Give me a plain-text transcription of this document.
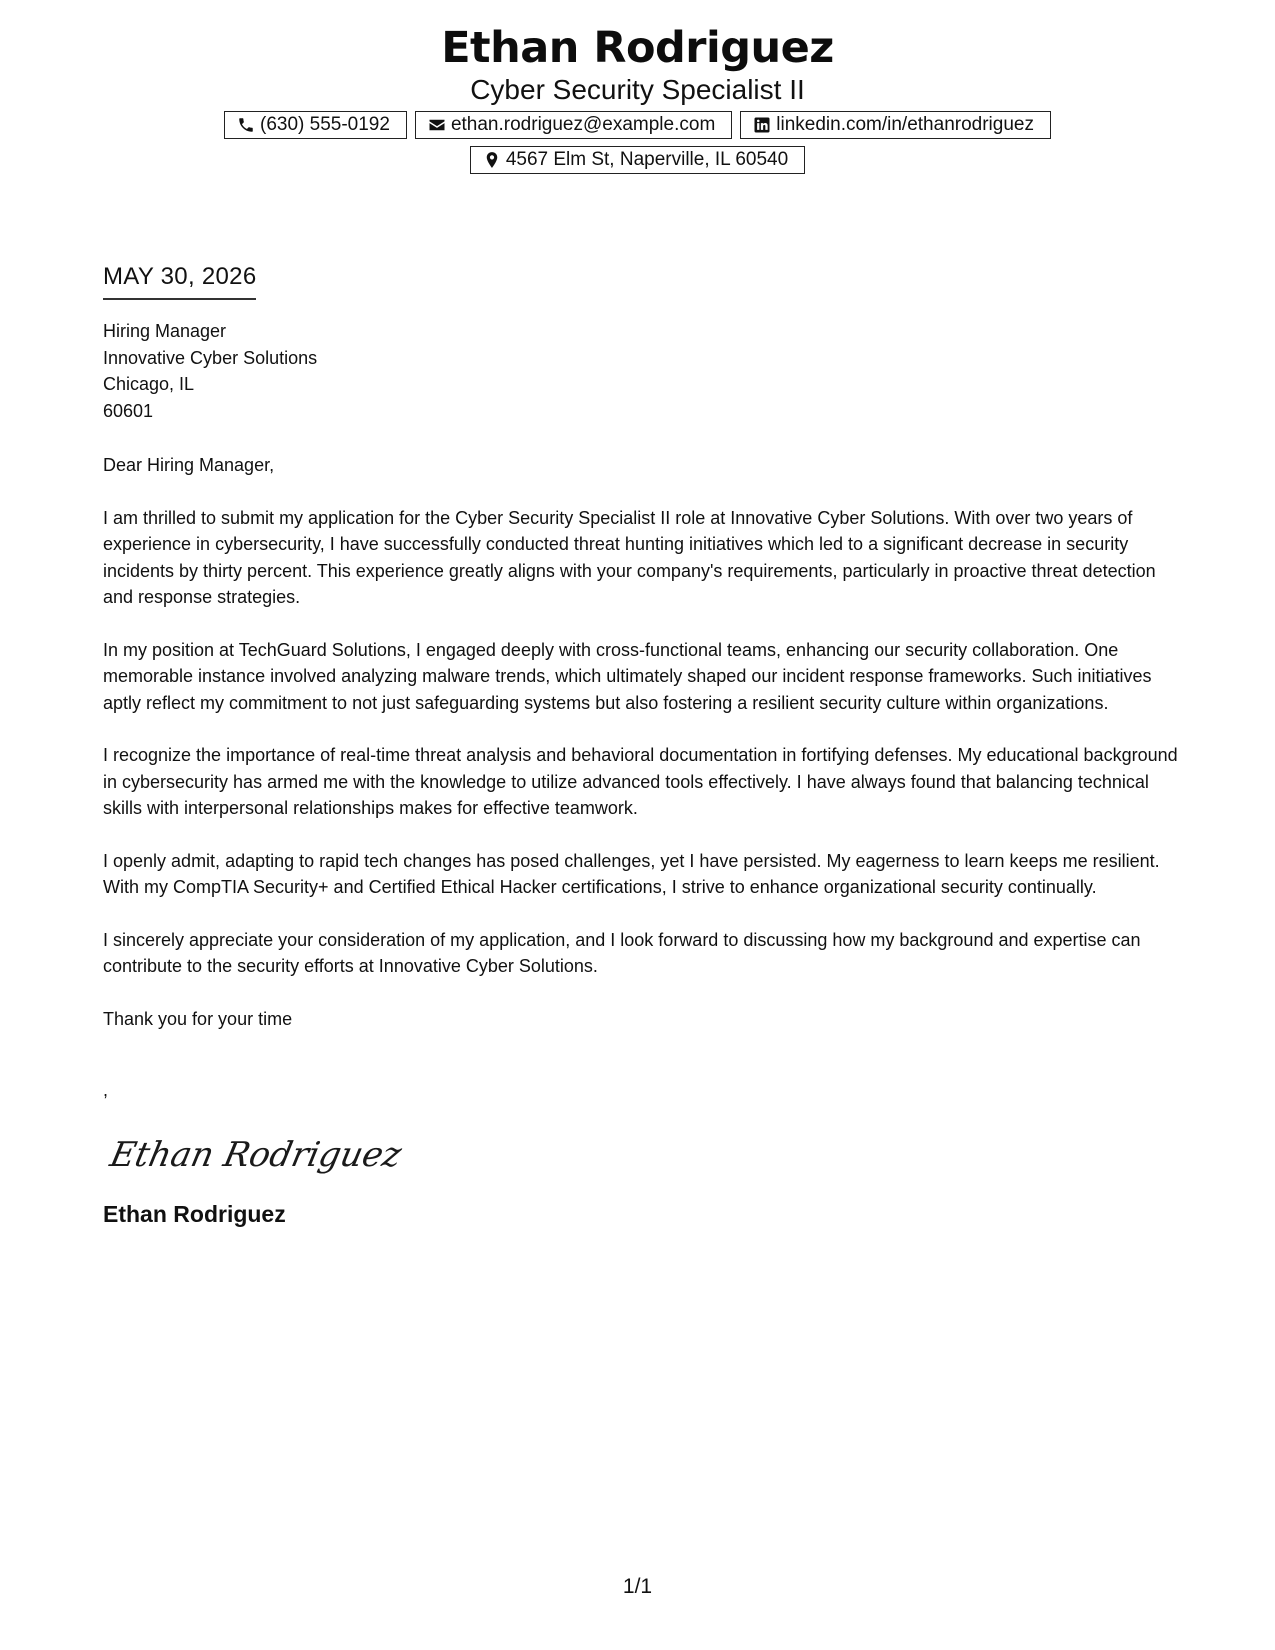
Ethan Rodriguez
Cyber Security Specialist II
(630) 555-0192	ethan.rodriguez@example.com	linkedin.com/in/ethanrodriguez
4567 Elm St, Naperville, IL 60540
MAY 30, 2026
Hiring Manager
Innovative Cyber Solutions
Chicago, IL
60601
Dear Hiring Manager,
I am thrilled to submit my application for the Cyber Security Specialist II role at Innovative Cyber Solutions. With over two years of experience in cybersecurity, I have successfully conducted threat hunting initiatives which led to a significant decrease in security incidents by thirty percent. This experience greatly aligns with your company's requirements, particularly in proactive threat detection and response strategies.
In my position at TechGuard Solutions, I engaged deeply with cross-functional teams, enhancing our security collaboration. One memorable instance involved analyzing malware trends, which ultimately shaped our incident response frameworks. Such initiatives aptly reflect my commitment to not just safeguarding systems but also fostering a resilient security culture within organizations.
I recognize the importance of real-time threat analysis and behavioral documentation in fortifying defenses. My educational background in cybersecurity has armed me with the knowledge to utilize advanced tools effectively. I have always found that balancing technical skills with interpersonal relationships makes for effective teamwork.
I openly admit, adapting to rapid tech changes has posed challenges, yet I have persisted. My eagerness to learn keeps me resilient. With my CompTIA Security+ and Certified Ethical Hacker certifications, I strive to enhance organizational security continually.
I sincerely appreciate your consideration of my application, and I look forward to discussing how my background and expertise can contribute to the security efforts at Innovative Cyber Solutions.
Thank you for your time
,
Ethan Rodriguez
Ethan Rodriguez
1/1
